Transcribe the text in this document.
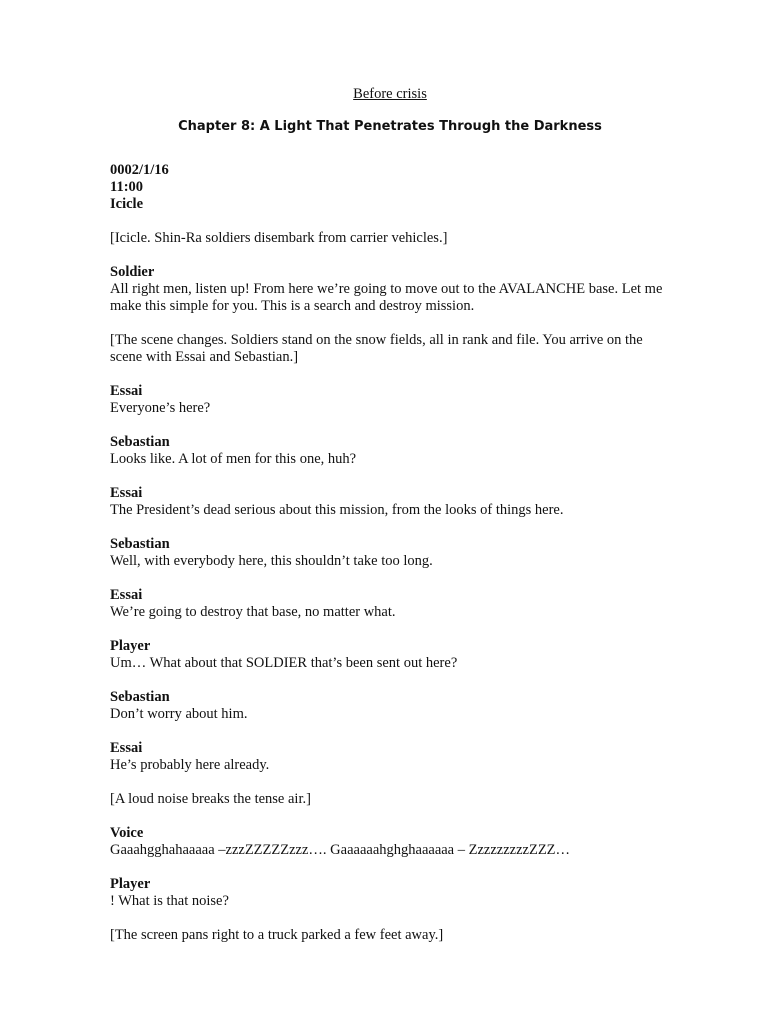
Before crisis
Chapter 8: A Light That Penetrates Through the Darkness
0002/1/16
11:00
Icicle
[Icicle. Shin-Ra soldiers disembark from carrier vehicles.]
Soldier
All right men, listen up! From here we’re going to move out to the AVALANCHE base. Let me make this simple for you. This is a search and destroy mission.
[The scene changes. Soldiers stand on the snow fields, all in rank and file. You arrive on the scene with Essai and Sebastian.]
Essai
Everyone’s here?
Sebastian
Looks like. A lot of men for this one, huh?
Essai
The President’s dead serious about this mission, from the looks of things here.
Sebastian
Well, with everybody here, this shouldn’t take too long.
Essai
We’re going to destroy that base, no matter what.
Player
Um… What about that SOLDIER that’s been sent out here?
Sebastian
Don’t worry about him.
Essai
He’s probably here already.
[A loud noise breaks the tense air.]
Voice
Gaaahgghahaaaaa –zzzZZZZZzzz…. Gaaaaaahghghaaaaaa – ZzzzzzzzzZZZ…
Player
! What is that noise?
[The screen pans right to a truck parked a few feet away.]
